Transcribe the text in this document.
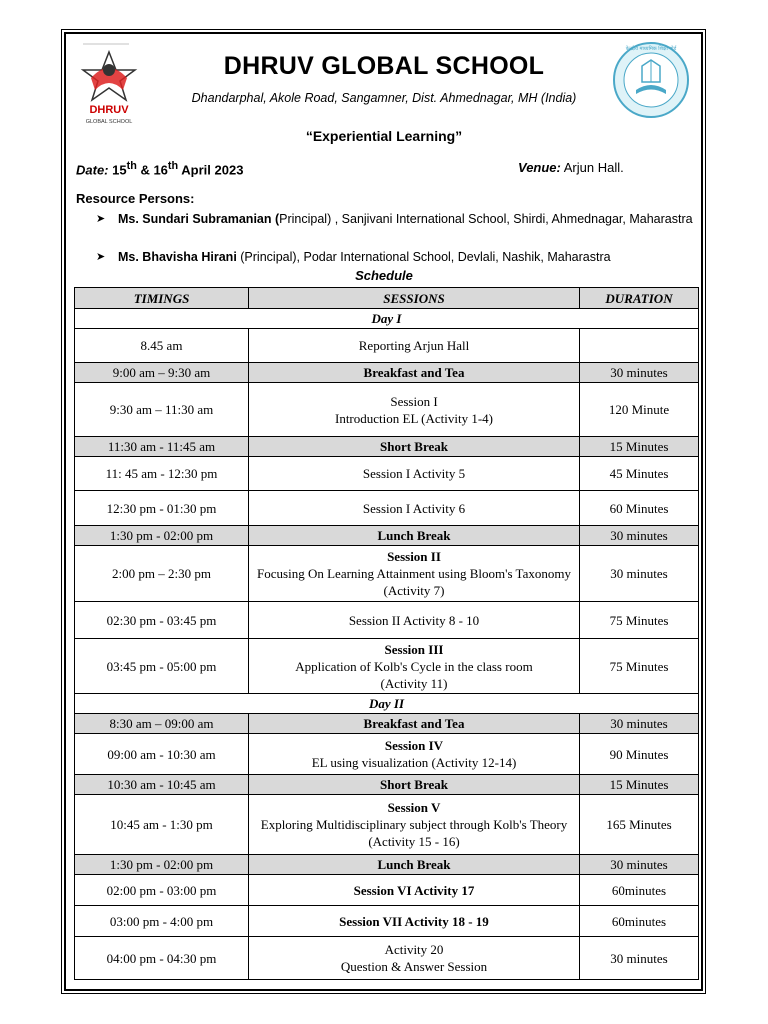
DHRUV
GLOBAL SCHOOL
केन्द्रीय माध्यमिक शिक्षा बोर्ड
DHRUV GLOBAL SCHOOL
Dhandarphal, Akole Road, Sangamner, Dist. Ahmednagar, MH (India)
“Experiential Learning”
Date: 15th & 16th April 2023	Venue: Arjun Hall.
Resource Persons:
➤	Ms. Sundari Subramanian (Principal) , Sanjivani International School, Shirdi, Ahmednagar, Maharastra
➤	Ms. Bhavisha Hirani (Principal), Podar International School, Devlali, Nashik, Maharastra
Schedule
TIMINGS	SESSIONS	DURATION
Day I		
8.45 am	Reporting Arjun Hall	

9:00 am – 9:30 am	Breakfast and Tea	30 minutes
9:30 am – 11:30 am	Session I
Introduction EL (Activity 1-4)	120 Minute
11:30 am - 11:45 am	Short Break	15 Minutes
11: 45 am - 12:30 pm	Session I Activity 5	45 Minutes
12:30 pm - 01:30 pm	Session I Activity 6	60 Minutes
1:30 pm - 02:00 pm	Lunch Break	30 minutes
2:00 pm – 2:30 pm	Session II
Focusing On Learning Attainment using Bloom's Taxonomy (Activity 7)	30 minutes
02:30 pm - 03:45 pm	Session II Activity 8 - 10	75 Minutes
03:45 pm - 05:00 pm	Session III
Application of Kolb's Cycle in the class room
(Activity 11)	75 Minutes
Day II		
8:30 am – 09:00 am	Breakfast and Tea	30 minutes
09:00 am - 10:30 am	Session IV
EL using visualization (Activity 12-14)	90 Minutes
10:30 am - 10:45 am	Short Break	15 Minutes
10:45 am - 1:30 pm	Session V
Exploring Multidisciplinary subject through Kolb's Theory (Activity 15 - 16)	165 Minutes
1:30 pm - 02:00 pm	Lunch Break	30 minutes
02:00 pm - 03:00 pm	Session VI Activity 17	60minutes
03:00 pm - 4:00 pm	Session VII Activity 18 - 19	60minutes
04:00 pm - 04:30 pm	Activity 20
Question & Answer Session	30 minutes
